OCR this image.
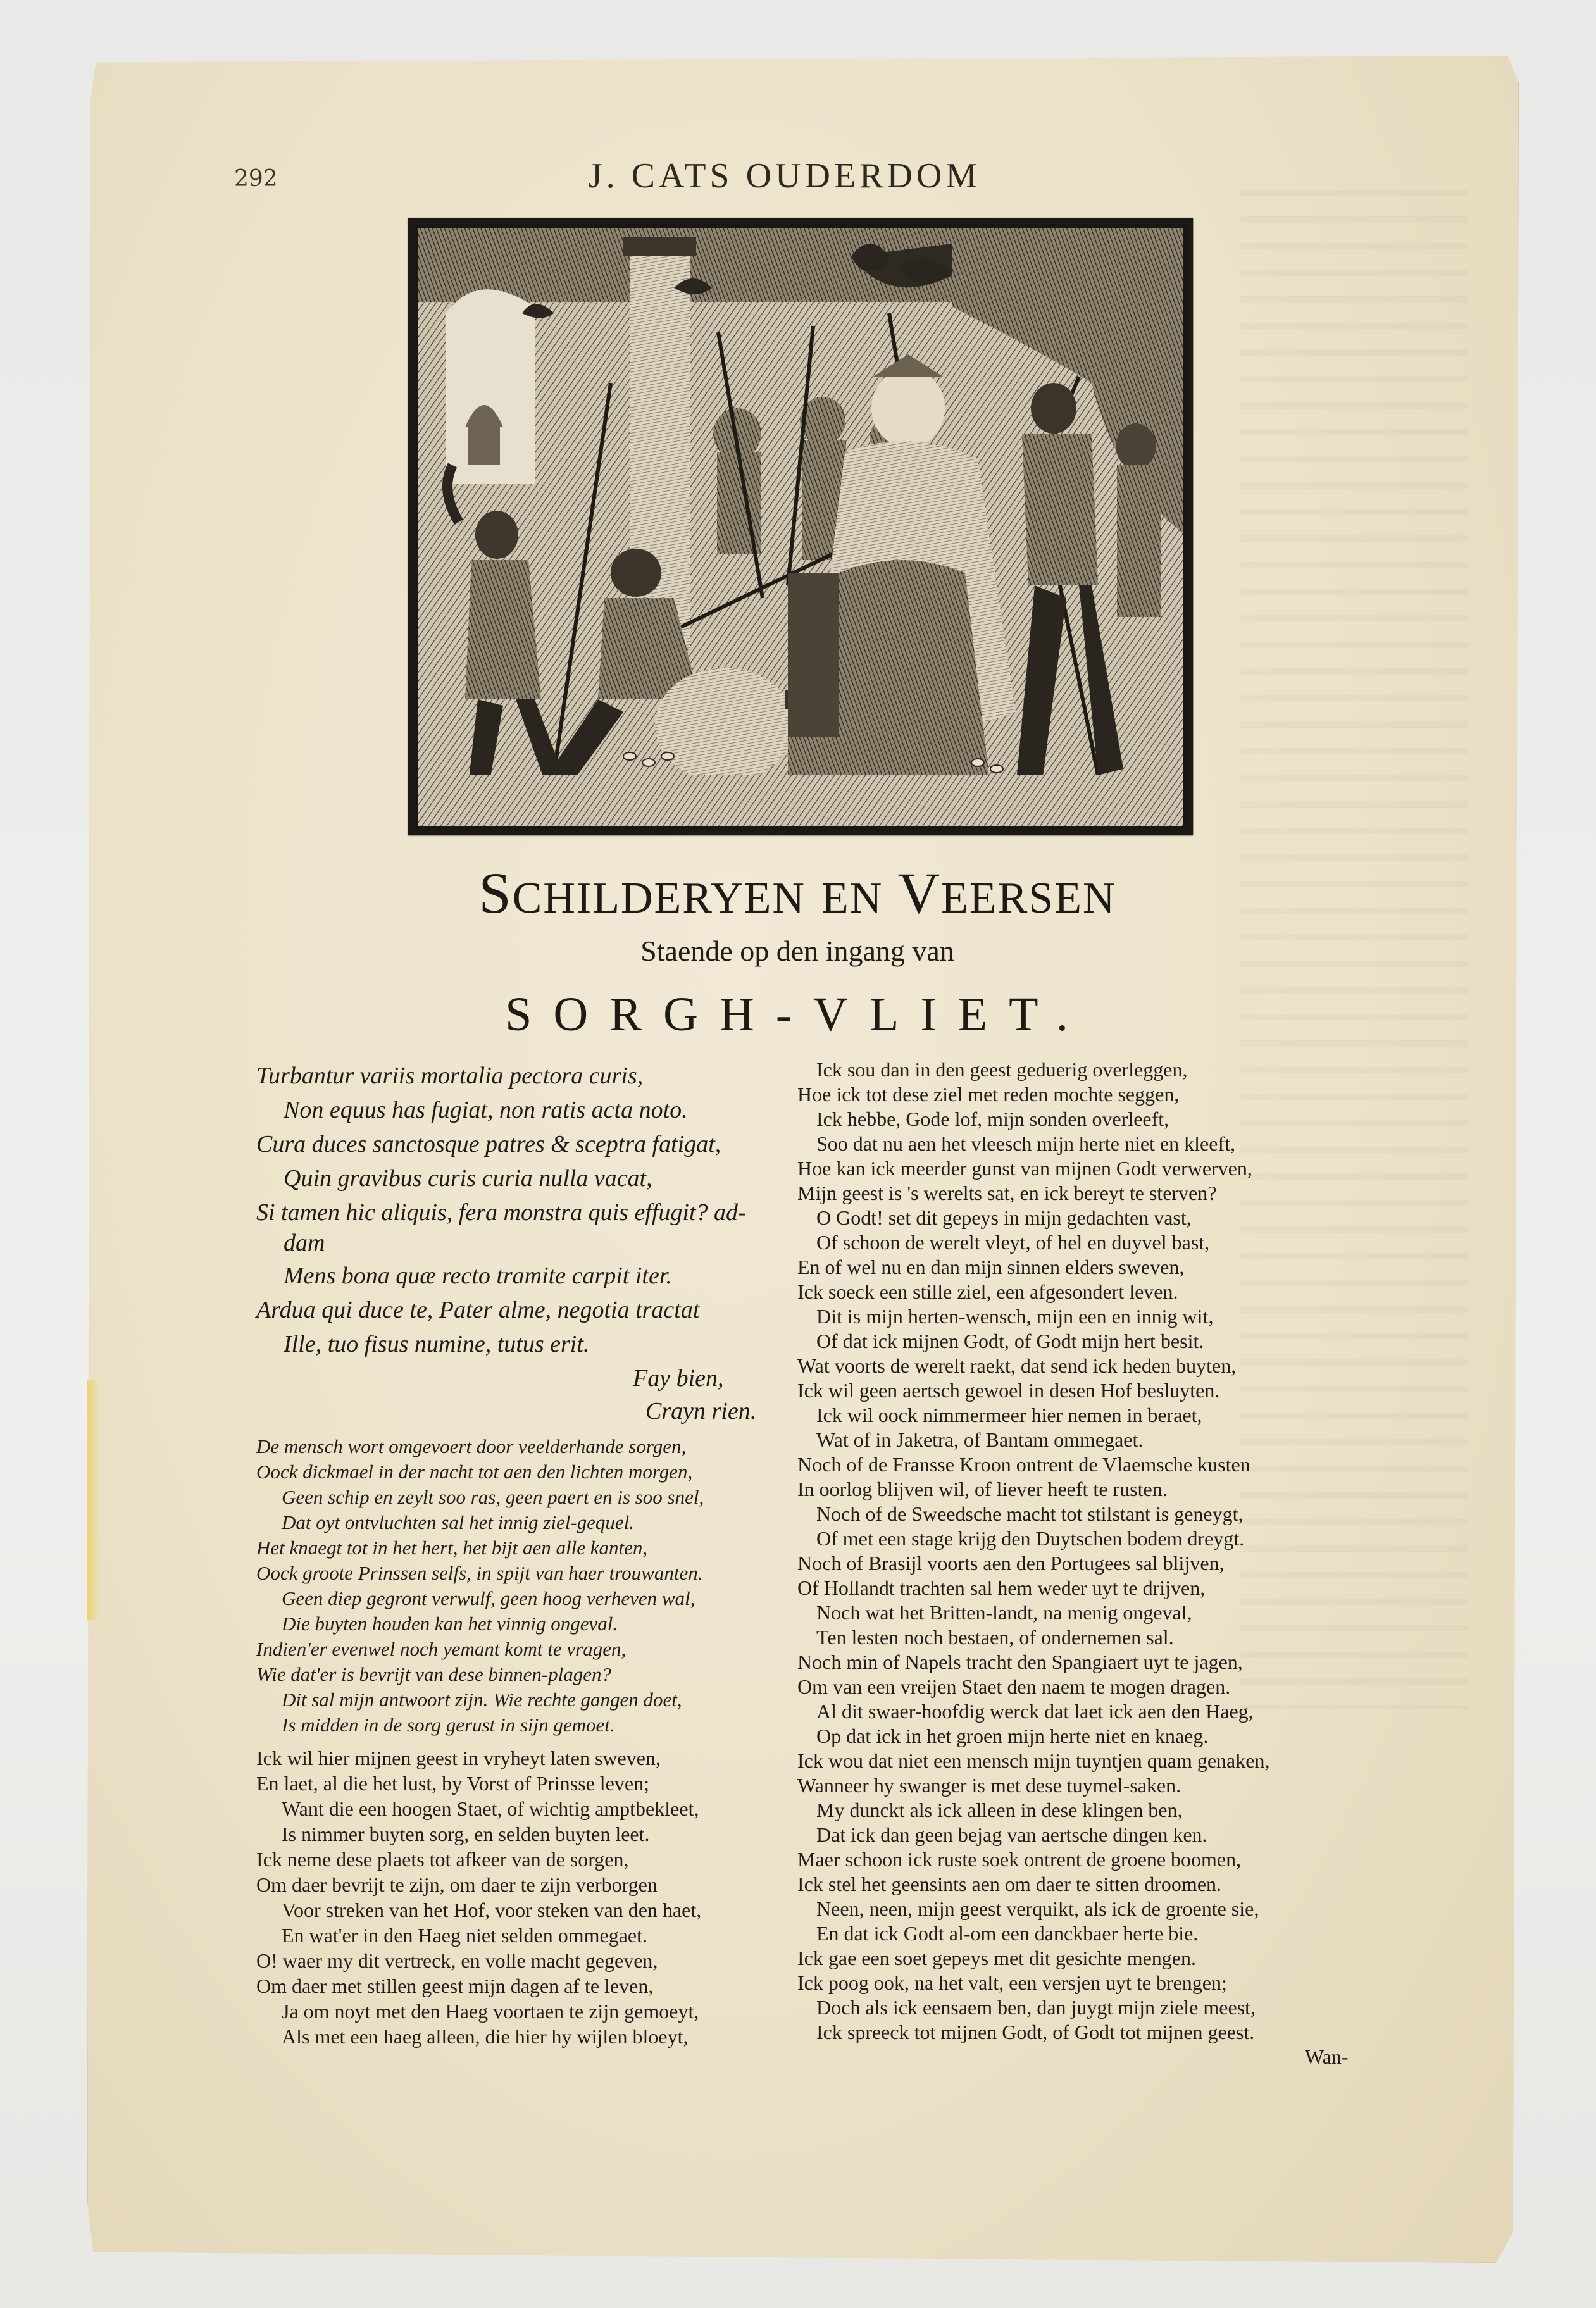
292	J. CATS OUDERDOM
SCHILDERYEN EN VEERSEN
Staende op den ingang van
SORGH-VLIET.
Turbantur variis mortalia pectora curis,
Non equus has fugiat, non ratis acta noto.
Cura duces sanctosque patres & sceptra fatigat,
Quin gravibus curis curia nulla vacat,
Si tamen hic aliquis, fera monstra quis effugit? ad-
dam
Mens bona quæ recto tramite carpit iter.
Ardua qui duce te, Pater alme, negotia tractat
Ille, tuo fisus numine, tutus erit.
Fay bien,
Crayn rien.
De mensch wort omgevoert door veelderhande sorgen,
Oock dickmael in der nacht tot aen den lichten morgen,
Geen schip en zeylt soo ras, geen paert en is soo snel,
Dat oyt ontvluchten sal het innig ziel-gequel.
Het knaegt tot in het hert, het bijt aen alle kanten,
Oock groote Prinssen selfs, in spijt van haer trouwanten.
Geen diep gegront verwulf, geen hoog verheven wal,
Die buyten houden kan het vinnig ongeval.
Indien'er evenwel noch yemant komt te vragen,
Wie dat'er is bevrijt van dese binnen-plagen?
Dit sal mijn antwoort zijn. Wie rechte gangen doet,
Is midden in de sorg gerust in sijn gemoet.
Ick wil hier mijnen geest in vryheyt laten sweven,
En laet, al die het lust, by Vorst of Prinsse leven;
Want die een hoogen Staet, of wichtig amptbekleet,
Is nimmer buyten sorg, en selden buyten leet.
Ick neme dese plaets tot afkeer van de sorgen,
Om daer bevrijt te zijn, om daer te zijn verborgen
Voor streken van het Hof, voor steken van den haet,
En wat'er in den Haeg niet selden ommegaet.
O! waer my dit vertreck, en volle macht gegeven,
Om daer met stillen geest mijn dagen af te leven,
Ja om noyt met den Haeg voortaen te zijn gemoeyt,
Als met een haeg alleen, die hier hy wijlen bloeyt,
Ick sou dan in den geest geduerig overleggen,
Hoe ick tot dese ziel met reden mochte seggen,
Ick hebbe, Gode lof, mijn sonden overleeft,
Soo dat nu aen het vleesch mijn herte niet en kleeft,
Hoe kan ick meerder gunst van mijnen Godt verwerven,
Mijn geest is 's werelts sat, en ick bereyt te sterven?
O Godt! set dit gepeys in mijn gedachten vast,
Of schoon de werelt vleyt, of hel en duyvel bast,
En of wel nu en dan mijn sinnen elders sweven,
Ick soeck een stille ziel, een afgesondert leven.
Dit is mijn herten-wensch, mijn een en innig wit,
Of dat ick mijnen Godt, of Godt mijn hert besit.
Wat voorts de werelt raekt, dat send ick heden buyten,
Ick wil geen aertsch gewoel in desen Hof besluyten.
Ick wil oock nimmermeer hier nemen in beraet,
Wat of in Jaketra, of Bantam ommegaet.
Noch of de Fransse Kroon ontrent de Vlaemsche kusten
In oorlog blijven wil, of liever heeft te rusten.
Noch of de Sweedsche macht tot stilstant is geneygt,
Of met een stage krijg den Duytschen bodem dreygt.
Noch of Brasijl voorts aen den Portugees sal blijven,
Of Hollandt trachten sal hem weder uyt te drijven,
Noch wat het Britten-landt, na menig ongeval,
Ten lesten noch bestaen, of ondernemen sal.
Noch min of Napels tracht den Spangiaert uyt te jagen,
Om van een vreijen Staet den naem te mogen dragen.
Al dit swaer-hoofdig werck dat laet ick aen den Haeg,
Op dat ick in het groen mijn herte niet en knaeg.
Ick wou dat niet een mensch mijn tuyntjen quam genaken,
Wanneer hy swanger is met dese tuymel-saken.
My dunckt als ick alleen in dese klingen ben,
Dat ick dan geen bejag van aertsche dingen ken.
Maer schoon ick ruste soek ontrent de groene boomen,
Ick stel het geensints aen om daer te sitten droomen.
Neen, neen, mijn geest verquikt, als ick de groente sie,
En dat ick Godt al-om een danckbaer herte bie.
Ick gae een soet gepeys met dit gesichte mengen.
Ick poog ook, na het valt, een versjen uyt te brengen;
Doch als ick eensaem ben, dan juygt mijn ziele meest,
Ick spreeck tot mijnen Godt, of Godt tot mijnen geest.
Wan-
